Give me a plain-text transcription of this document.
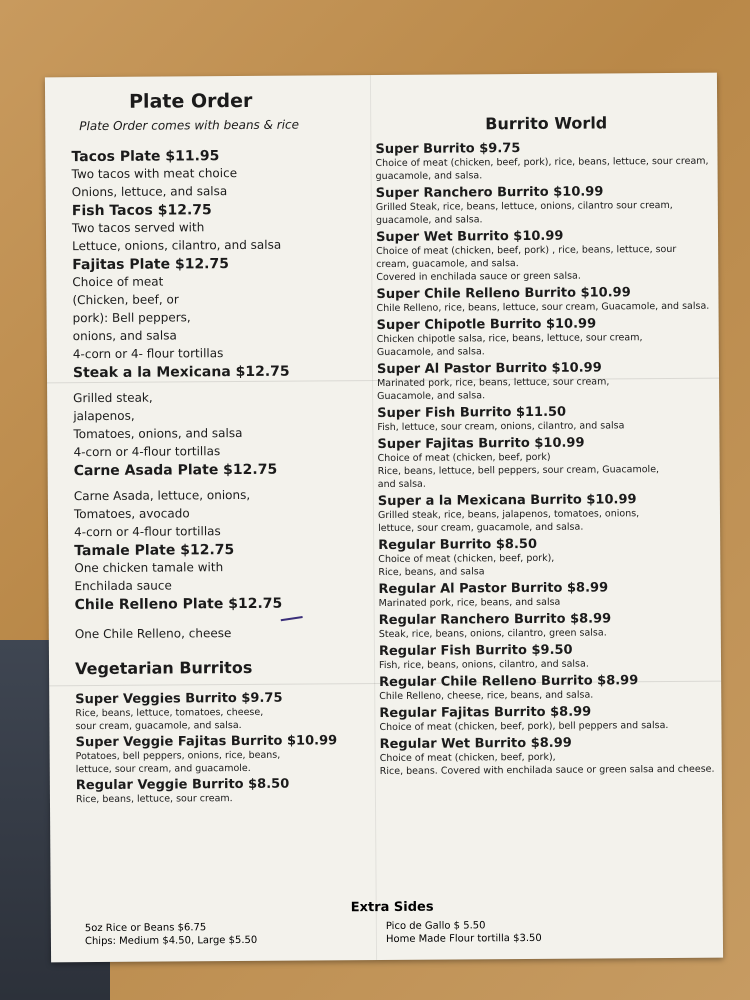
Plate Order
Plate Order comes with beans & rice
Tacos Plate $11.95
Two tacos with meat choice
Onions, lettuce, and salsa
Fish Tacos $12.75
Two tacos served with
Lettuce, onions, cilantro, and salsa
Fajitas Plate $12.75
Choice of meat
(Chicken, beef, or
pork): Bell peppers,
onions, and salsa
4-corn or 4- flour tortillas
Steak a la Mexicana $12.75
Grilled steak,
jalapenos,
Tomatoes, onions, and salsa
4-corn or 4-flour tortillas
Carne Asada Plate $12.75
Carne Asada, lettuce, onions,
Tomatoes, avocado
4-corn or 4-flour tortillas
Tamale Plate $12.75
One chicken tamale with
Enchilada sauce
Chile Relleno Plate $12.75
One Chile Relleno, cheese
Vegetarian Burritos
Super Veggies Burrito $9.75
Rice, beans, lettuce, tomatoes, cheese,
sour cream, guacamole, and salsa.
Super Veggie Fajitas Burrito $10.99
Potatoes, bell peppers, onions, rice, beans,
lettuce, sour cream, and guacamole.
Regular Veggie Burrito $8.50
Rice, beans, lettuce, sour cream.
Burrito World
Super Burrito $9.75
Choice of meat (chicken, beef, pork), rice, beans, lettuce, sour cream,
guacamole, and salsa.
Super Ranchero Burrito $10.99
Grilled Steak, rice, beans, lettuce, onions, cilantro sour cream,
guacamole, and salsa.
Super Wet Burrito $10.99
Choice of meat (chicken, beef, pork) , rice, beans, lettuce, sour
cream, guacamole, and salsa.
Covered in enchilada sauce or green salsa.
Super Chile Relleno Burrito $10.99
Chile Relleno, rice, beans, lettuce, sour cream, Guacamole, and salsa.
Super Chipotle Burrito $10.99
Chicken chipotle salsa, rice, beans, lettuce, sour cream,
Guacamole, and salsa.
Super Al Pastor Burrito $10.99
Marinated pork, rice, beans, lettuce, sour cream,
Guacamole, and salsa.
Super Fish Burrito $11.50
Fish, lettuce, sour cream, onions, cilantro, and salsa
Super Fajitas Burrito $10.99
Choice of meat (chicken, beef, pork)
Rice, beans, lettuce, bell peppers, sour cream, Guacamole,
and salsa.
Super a la Mexicana Burrito $10.99
Grilled steak, rice, beans, jalapenos, tomatoes, onions,
lettuce, sour cream, guacamole, and salsa.
Regular Burrito $8.50
Choice of meat (chicken, beef, pork),
Rice, beans, and salsa
Regular Al Pastor Burrito $8.99
Marinated pork, rice, beans, and salsa
Regular Ranchero Burrito $8.99
Steak, rice, beans, onions, cilantro, green salsa.
Regular Fish Burrito $9.50
Fish, rice, beans, onions, cilantro, and salsa.
Regular Chile Relleno Burrito $8.99
Chile Relleno, cheese, rice, beans, and salsa.
Regular Fajitas Burrito $8.99
Choice of meat (chicken, beef, pork), bell peppers and salsa.
Regular Wet Burrito $8.99
Choice of meat (chicken, beef, pork),
Rice, beans. Covered with enchilada sauce or green salsa and cheese.
Extra Sides
5oz Rice or Beans $6.75
Chips: Medium $4.50, Large $5.50
Pico de Gallo $ 5.50
Home Made Flour tortilla $3.50
